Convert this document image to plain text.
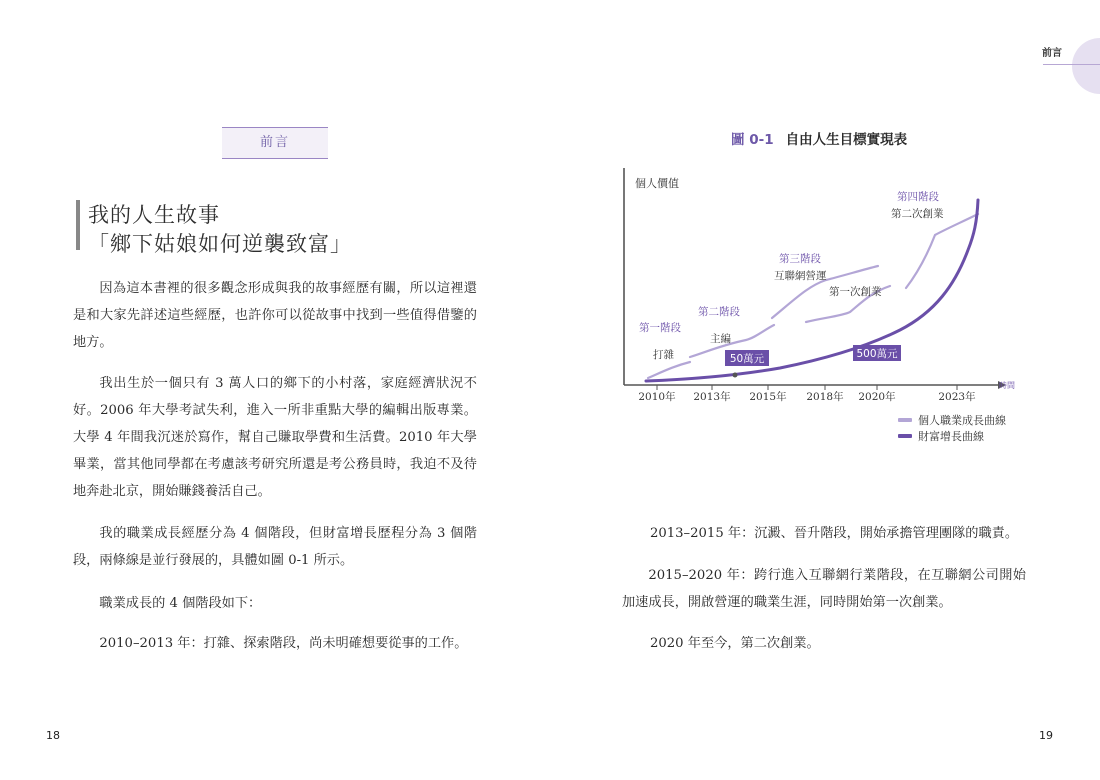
前言
我的人生故事
「鄉下姑娘如何逆襲致富」

因為這本書裡的很多觀念形成與我的故事經歷有關，所以這裡還是和大家先詳述這些經歷，也許你可以從故事中找到一些值得借鑒的地方。

我出生於一個只有 3 萬人口的鄉下的小村落，家庭經濟狀況不好。2006 年大學考試失利，進入一所非重點大學的編輯出版專業。大學 4 年間我沉迷於寫作，幫自己賺取學費和生活費。2010 年大學畢業，當其他同學都在考慮該考研究所還是考公務員時，我迫不及待地奔赴北京，開始賺錢養活自己。

我的職業成長經歷分為 4 個階段，但財富增長歷程分為 3 個階段，兩條線是並行發展的，具體如圖 0-1 所示。

職業成長的 4 個階段如下：

2010–2013 年：打雜、探索階段，尚未明確想要從事的工作。

18
前言
圖 0-1 自由人生目標實現表
個人價值
時間
2010年 2013年 2015年 2018年 2020年	2023年
50萬元	500萬元
第一階段
打雜
第二階段
主編
第三階段
互聯網營運
第一次創業
第四階段
第二次創業
個人職業成長曲線
財富增長曲線

2013–2015 年：沉澱、晉升階段，開始承擔管理團隊的職責。

2015–2020 年：跨行進入互聯網行業階段，在互聯網公司開始加速成長，開啟營運的職業生涯，同時開始第一次創業。

2020 年至今，第二次創業。

19
